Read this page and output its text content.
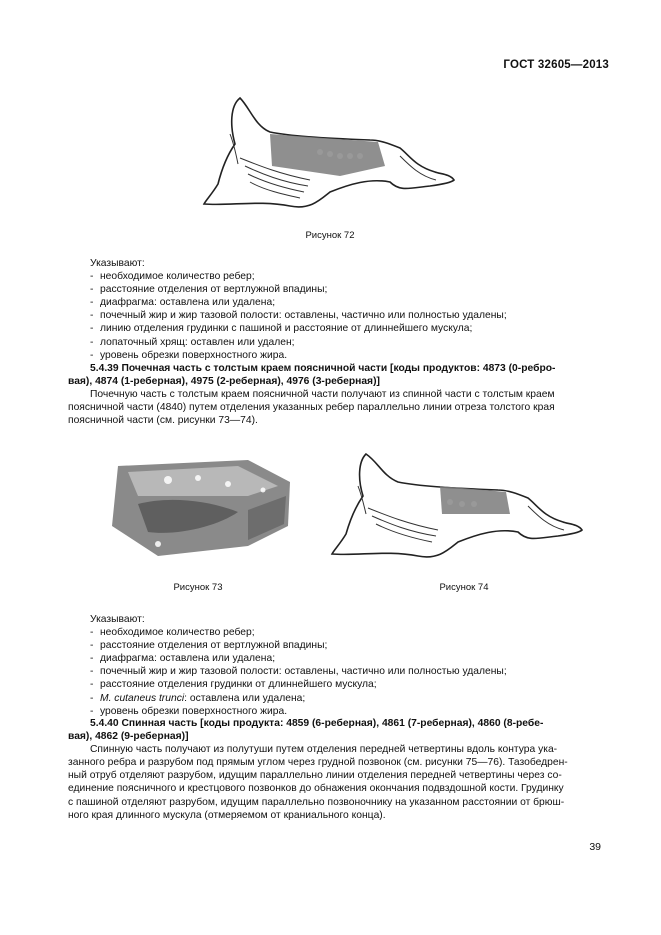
ГОСТ 32605—2013
Рисунок 72

Указывают:

- необходимое количество ребер;
- расстояние отделения от вертлужной впадины;
- диафрагма: оставлена или удалена;
- почечный жир и жир тазовой полости: оставлены, частично или полностью удалены;
- линию отделения грудинки с пашиной и расстояние от длиннейшего мускула;
- лопаточный хрящ: оставлен или удален;
- уровень обрезки поверхностного жира.
5.4.39 Почечная часть с толстым краем поясничной части [коды продуктов: 4873 (0-ребро-
вая), 4874 (1-реберная), 4975 (2-реберная), 4976 (3-реберная)]
Почечную часть с толстым краем поясничной части получают из спинной части с толстым краем
поясничной части (4840) путем отделения указанных ребер параллельно линии отреза толстого края
поясничной части (см. рисунки 73—74).
Рисунок 73	Рисунок 74

Указывают:

- необходимое количество ребер;
- расстояние отделения от вертлужной впадины;
- диафрагма: оставлена или удалена;
- почечный жир и жир тазовой полости: оставлены, частично или полностью удалены;
- расстояние отделения грудинки от длиннейшего мускула;
- M. cutaneus trunci: оставлена или удалена;
- уровень обрезки поверхностного жира.
5.4.40 Спинная часть [коды продукта: 4859 (6-реберная), 4861 (7-реберная), 4860 (8-ребе-
вая), 4862 (9-реберная)]
Спинную часть получают из полутуши путем отделения передней четвертины вдоль контура ука-
занного ребра и разрубом под прямым углом через грудной позвонок (см. рисунки 75—76). Тазобедрен-
ный отруб отделяют разрубом, идущим параллельно линии отделения передней четвертины через со-
единение поясничного и крестцового позвонков до обнажения окончания подвздошной кости. Грудинку
с пашиной отделяют разрубом, идущим параллельно позвоночнику на указанном расстоянии от брюш-
ного края длинного мускула (отмеряемом от краниального конца).
39
